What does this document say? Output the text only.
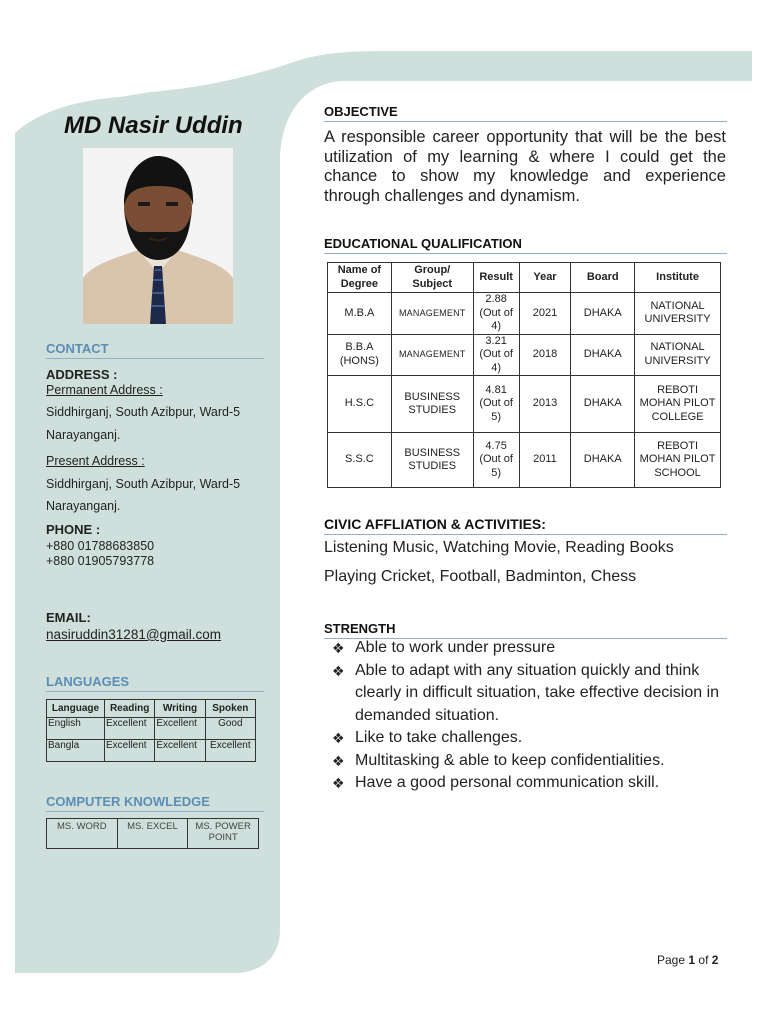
MD Nasir Uddin
CONTACT
ADDRESS :
Permanent Address :
Siddhirganj, South Azibpur, Ward-5
Narayanganj.
Present Address :
Siddhirganj, South Azibpur, Ward-5
Narayanganj.
PHONE :
+880 01788683850
+880 01905793778
EMAIL:
nasiruddin31281@gmail.com
LANGUAGES
Language	Reading	Writing	Spoken
English	Excellent	Excellent	Good
Bangla	Excellent	Excellent	Excellent
COMPUTER KNOWLEDGE
MS. WORD	MS. EXCEL	MS. POWER POINT
OBJECTIVE
A responsible career opportunity that will be the best utilization of my learning & where I could get the chance to show my knowledge and experience through challenges and dynamism.
EDUCATIONAL QUALIFICATION
Name of Degree	Group/ Subject	Result	Year	Board	Institute
M.B.A	MANAGEMENT	2.88 (Out of 4)	2021	DHAKA	NATIONAL UNIVERSITY
B.B.A (HONS)	MANAGEMENT	3.21 (Out of 4)	2018	DHAKA	NATIONAL UNIVERSITY
H.S.C	BUSINESS STUDIES	4.81 (Out of 5)	2013	DHAKA	REBOTI MOHAN PILOT COLLEGE
S.S.C	BUSINESS STUDIES	4.75 (Out of 5)	2011	DHAKA	REBOTI MOHAN PILOT SCHOOL
CIVIC AFFLIATION & ACTIVITIES:
Listening Music, Watching Movie, Reading Books
Playing Cricket, Football, Badminton, Chess
STRENGTH
❖ Able to work under pressure
❖ Able to adapt with any situation quickly and think clearly in difficult situation, take effective decision in demanded situation.
❖ Like to take challenges.
❖ Multitasking & able to keep confidentialities.
❖ Have a good personal communication skill.
Page 1 of 2
